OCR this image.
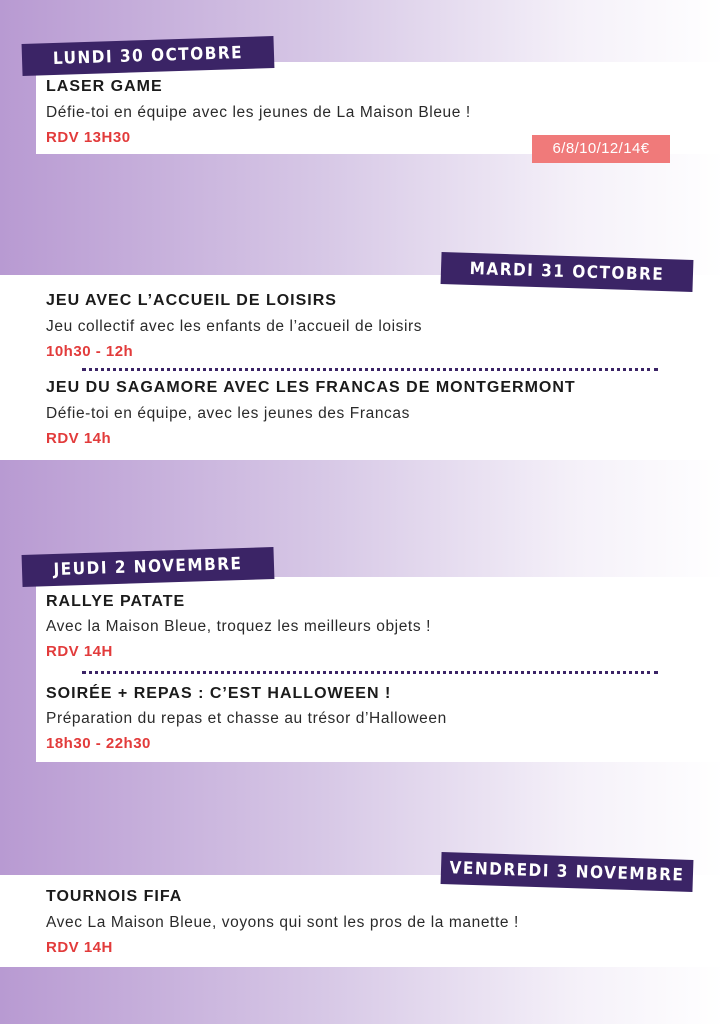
LUNDI 30 OCTOBRE
LASER GAME
Défie-toi en équipe avec les jeunes de La Maison Bleue !
RDV 13H30
6/8/10/12/14€
MARDI 31 OCTOBRE
JEU AVEC L’ACCUEIL DE LOISIRS
Jeu collectif avec les enfants de l’accueil de loisirs
10h30 - 12h
JEU DU SAGAMORE AVEC LES FRANCAS DE MONTGERMONT
Défie-toi en équipe, avec les jeunes des Francas
RDV 14h
JEUDI 2 NOVEMBRE
RALLYE PATATE
Avec la Maison Bleue, troquez les meilleurs objets !
RDV 14H
SOIRÉE + REPAS : C’EST HALLOWEEN !
Préparation du repas et chasse au trésor d’Halloween
18h30 - 22h30
VENDREDI 3 NOVEMBRE
TOURNOIS FIFA
Avec La Maison Bleue, voyons qui sont les pros de la manette !
RDV 14H
